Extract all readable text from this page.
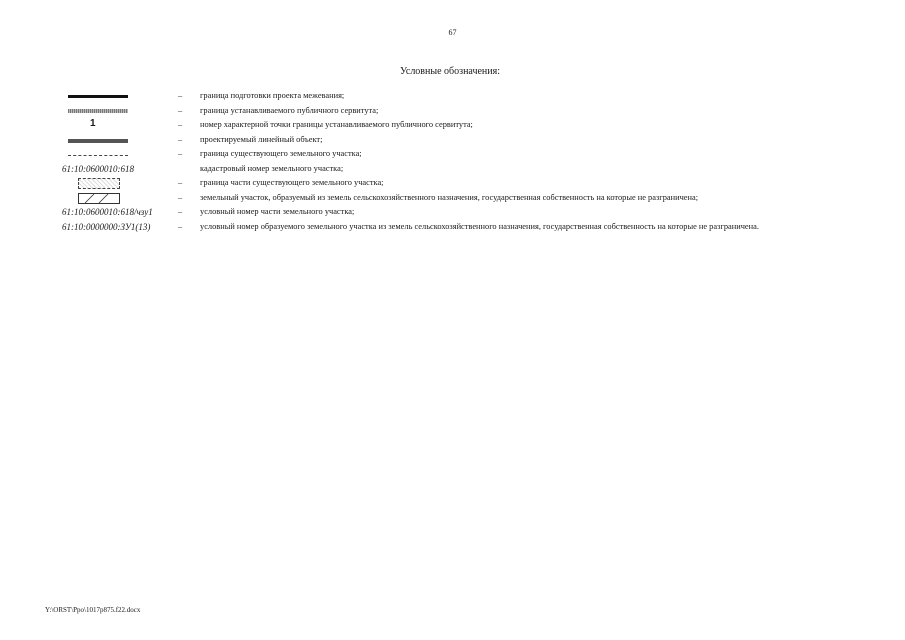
67
Условные обозначения:
–	граница подготовки проекта межевания;
–	граница устанавливаемого публичного сервитута;
1	–	номер характерной точки границы устанавливаемого публичного сервитута;
–	проектируемый линейный объект;
–	граница существующего земельного участка;
61:10:0600010:618	кадастровый номер земельного участка;
–	граница части существующего земельного участка;
–	земельный участок, образуемый из земель сельскохозяйственного назначения, государственная собственность на которые не разграничена;
61:10:0600010:618/чзу1	–	условный номер части земельного участка;
61:10:0000000:ЗУ1(13)	–	условный номер образуемого земельного участка из земель сельскохозяйственного назначения, государственная собственность на которые не разграничена.
Y:\ORST\Ppo\1017p875.f22.docx
